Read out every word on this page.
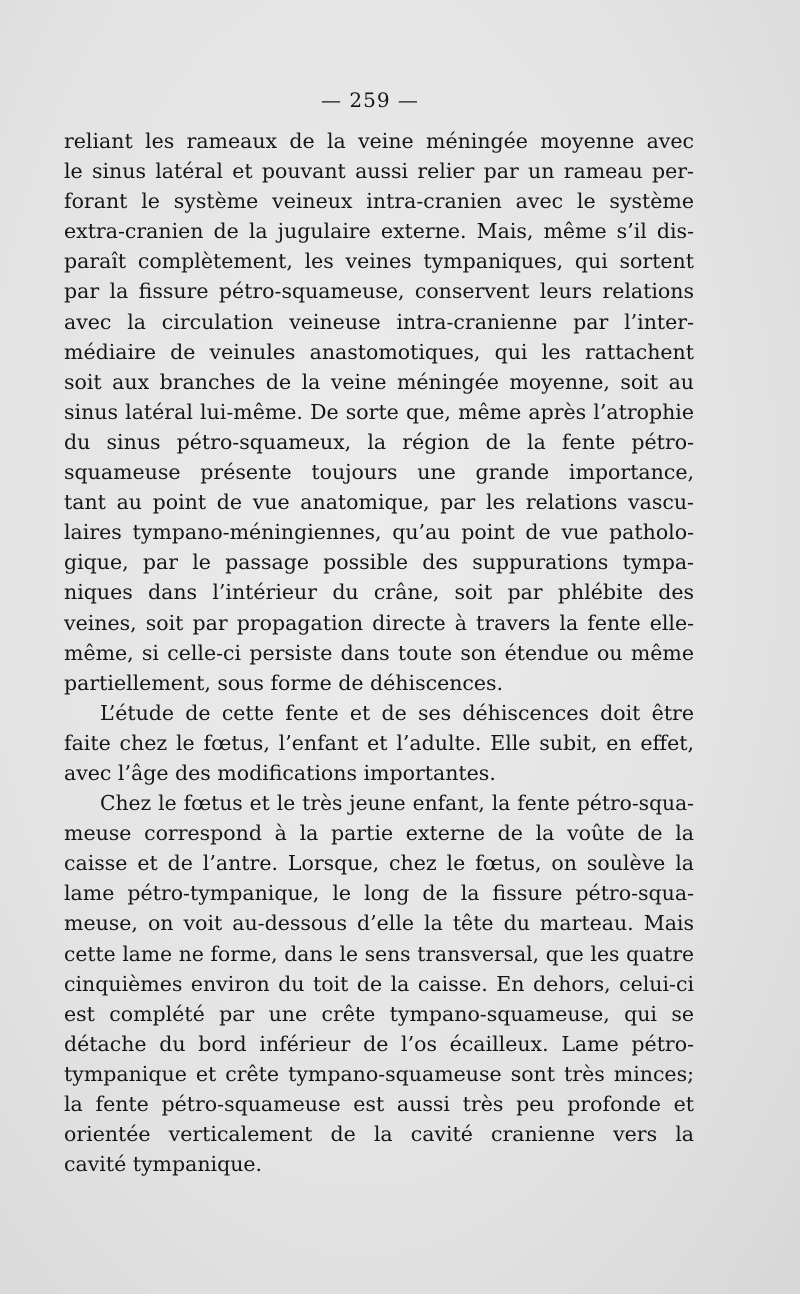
— 259 —
reliant les rameaux de la veine méningée moyenne avec
le sinus latéral et pouvant aussi relier par un rameau per-
forant le système veineux intra-cranien avec le système
extra-cranien de la jugulaire externe. Mais, même s’il dis-
paraît complètement, les veines tympaniques, qui sortent
par la fissure pétro-squameuse, conservent leurs relations
avec la circulation veineuse intra-cranienne par l’inter-
médiaire de veinules anastomotiques, qui les rattachent
soit aux branches de la veine méningée moyenne, soit au
sinus latéral lui-même. De sorte que, même après l’atrophie
du sinus pétro-squameux, la région de la fente pétro-
squameuse présente toujours une grande importance,
tant au point de vue anatomique, par les relations vascu-
laires tympano-méningiennes, qu’au point de vue patholo-
gique, par le passage possible des suppurations tympa-
niques dans l’intérieur du crâne, soit par phlébite des
veines, soit par propagation directe à travers la fente elle-
même, si celle-ci persiste dans toute son étendue ou même
partiellement, sous forme de déhiscences.
L’étude de cette fente et de ses déhiscences doit être
faite chez le fœtus, l’enfant et l’adulte. Elle subit, en effet,
avec l’âge des modifications importantes.
Chez le fœtus et le très jeune enfant, la fente pétro-squa-
meuse correspond à la partie externe de la voûte de la
caisse et de l’antre. Lorsque, chez le fœtus, on soulève la
lame pétro-tympanique, le long de la fissure pétro-squa-
meuse, on voit au-dessous d’elle la tête du marteau. Mais
cette lame ne forme, dans le sens transversal, que les quatre
cinquièmes environ du toit de la caisse. En dehors, celui-ci
est complété par une crête tympano-squameuse, qui se
détache du bord inférieur de l’os écailleux. Lame pétro-
tympanique et crête tympano-squameuse sont très minces;
la fente pétro-squameuse est aussi très peu profonde et
orientée verticalement de la cavité cranienne vers la
cavité tympanique.
